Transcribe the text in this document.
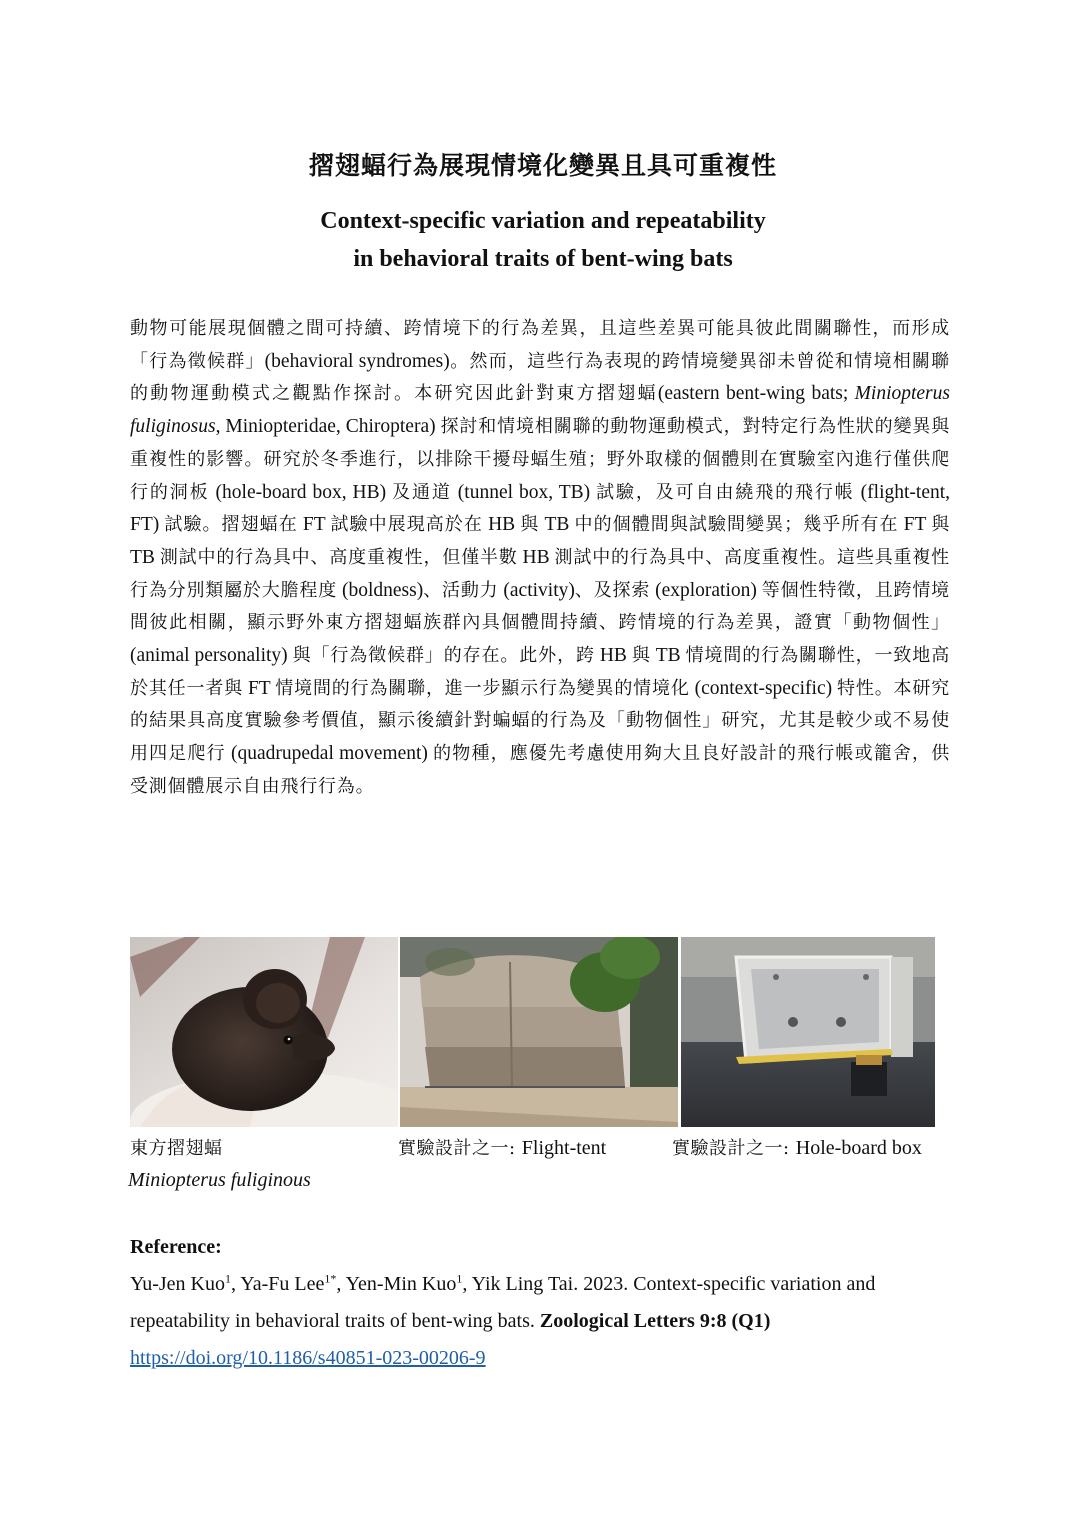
摺翅蝠行為展現情境化變異且具可重複性
Context-specific variation and repeatability
in behavioral traits of bent-wing bats

動物可能展現個體之間可持續、跨情境下的行為差異，且這些差異可能具彼此間關聯性，而形成「行為徵候群」(behavioral syndromes)。然而，這些行為表現的跨情境變異卻未曾從和情境相關聯的動物運動模式之觀點作探討。本研究因此針對東方摺翅蝠(eastern bent-wing bats; Miniopterus fuliginosus, Miniopteridae, Chiroptera) 探討和情境相關聯的動物運動模式，對特定行為性狀的變異與重複性的影響。研究於冬季進行，以排除干擾母蝠生殖；野外取樣的個體則在實驗室內進行僅供爬行的洞板 (hole-board box, HB) 及通道 (tunnel box, TB) 試驗，及可自由繞飛的飛行帳 (flight-tent, FT) 試驗。摺翅蝠在 FT 試驗中展現高於在 HB 與 TB 中的個體間與試驗間變異；幾乎所有在 FT 與 TB 測試中的行為具中、高度重複性，但僅半數 HB 測試中的行為具中、高度重複性。這些具重複性行為分別類屬於大膽程度 (boldness)、活動力 (activity)、及探索 (exploration) 等個性特徵，且跨情境間彼此相關，顯示野外東方摺翅蝠族群內具個體間持續、跨情境的行為差異，證實「動物個性」(animal personality) 與「行為徵候群」的存在。此外，跨 HB 與 TB 情境間的行為關聯性，一致地高於其任一者與 FT 情境間的行為關聯，進一步顯示行為變異的情境化 (context-specific) 特性。本研究的結果具高度實驗參考價值，顯示後續針對蝙蝠的行為及「動物個性」研究，尤其是較少或不易使用四足爬行 (quadrupedal movement) 的物種，應優先考慮使用夠大且良好設計的飛行帳或籠舍，供受測個體展示自由飛行行為。

東方摺翅蝠
Miniopterus fuliginous
實驗設計之一: Flight-tent	實驗設計之一: Hole-board box
Reference:
Yu-Jen Kuo$^1$, Ya-Fu Lee$^{1*}$, Yen-Min Kuo$^1$, Yik Ling Tai. 2023. Context-specific variation and repeatability in behavioral traits of bent-wing bats. Zoological Letters 9:8 (Q1)
https://doi.org/10.1186/s40851-023-00206-9
